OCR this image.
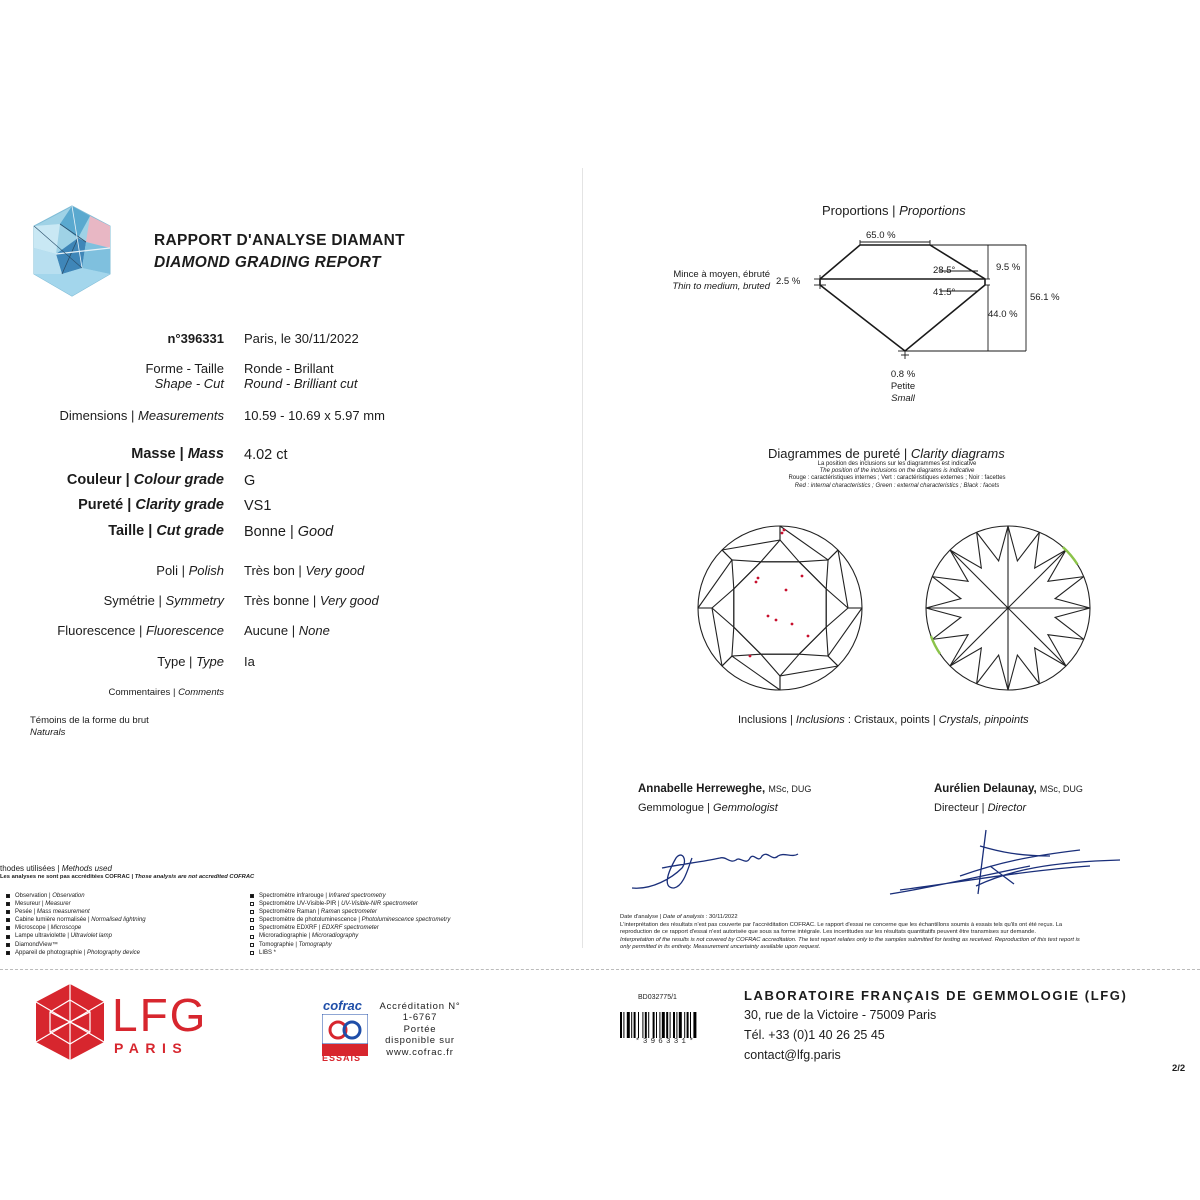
RAPPORT D'ANALYSE DIAMANT
DIAMOND GRADING REPORT
n°396331 Paris, le 30/11/2022
Forme - Taille
Shape - Cut
Ronde - Brillant
Round - Brilliant cut
Dimensions | Measurements 10.59 - 10.69 x 5.97 mm
Masse | Mass 4.02 ct
Couleur | Colour grade G
Pureté | Clarity grade VS1
Taille | Cut grade Bonne | Good
Poli | Polish Très bon | Very good
Symétrie | Symmetry Très bonne | Very good
Fluorescence | Fluorescence Aucune | None
Type | Type Ia
Commentaires | Comments
Témoins de la forme du brut
Naturals
thodes utilisées | Methods used
Les analyses ne sont pas accréditées COFRAC | Those analysis are not accredited COFRAC
Observation |
Observation
Mesureur |
Measurer
Pesée |
Mass measurement
Cabine lumière normalisée |
Normalised lightning
Microscope |
Microscope
Lampe ultraviolette |
Ultraviolet lamp
DiamondView™

Appareil de photographie |
Photography device
Spectromètre infrarouge |
Infrared spectrometry
Spectromètre UV-Visible-PIR |
UV-Visible-NIR spectrometer
Spectromètre Raman |
Raman spectrometer
Spectromètre de photoluminescence |
Photoluminescence spectrometry
Spectromètre EDXRF |
EDXRF spectrometer
Microradiographie |
Microradiography
Tomographie |
Tomography
LIBS *

Proportions | Proportions
65.0 %
9.5 %
28.5°
41.5°
44.0 %
56.1 %
2.5 %
Mince à moyen, ébruté
Thin to medium, bruted
0.8 %
Petite
Small
Diagrammes de pureté | Clarity diagrams
La position des inclusions sur les diagrammes est indicative
The position of the inclusions on the diagrams is indicative
Rouge : caractéristiques internes ; Vert : caractéristiques externes ; Noir : facettes
Red : internal characteristics ; Green : external characteristics ; Black : facets
Inclusions | Inclusions : Cristaux, points | Crystals, pinpoints
Annabelle Herreweghe, MSc, DUG
Gemmologue | Gemmologist
Aurélien Delaunay, MSc, DUG
Directeur | Director
Date d'analyse | Date of analysis : 30/11/2022
L'interprétation des résultats n'est pas couverte par l'accréditation COFRAC. Le rapport d'essai ne concerne que les échantillons soumis à essais tels qu'ils ont été reçus. La
reproduction de ce rapport d'essai n'est autorisée que sous sa forme intégrale. Les incertitudes sur les résultats quantitatifs peuvent être transmises sur demande.
Interpretation of the results is not covered by COFRAC accreditation. The test report relates only to the samples submitted for testing as received. Reproduction of this test report is
only permitted in its entirety. Measurement uncertainty available upon request.
LFG
PARIS
cofrac
ESSAIS
Accréditation N°
1-6767
Portée
disponible sur
www.cofrac.fr
BD032775/1
*396331*
LABORATOIRE FRANÇAIS DE GEMMOLOGIE (LFG)
30, rue de la Victoire - 75009 Paris
Tél. +33 (0)1 40 26 25 45
contact@lfg.paris
2/2
